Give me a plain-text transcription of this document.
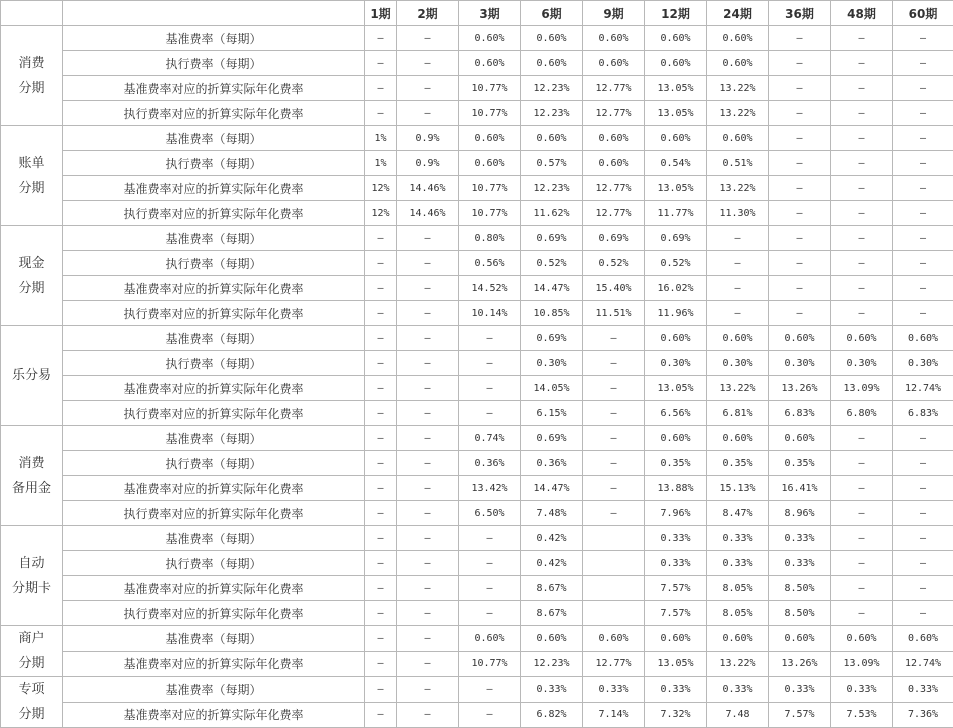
		1期	2期	3期	6期	9期	12期	24期	36期	48期	60期

消费
分期	基准费率（每期）	–	–	0.60%	0.60%	0.60%	0.60%	0.60%	–	–	–
	执行费率（每期）	–	–	0.60%	0.60%	0.60%	0.60%	0.60%	–	–	–
	基准费率对应的折算实际年化费率	–	–	10.77%	12.23%	12.77%	13.05%	13.22%	–	–	–
	执行费率对应的折算实际年化费率	–	–	10.77%	12.23%	12.77%	13.05%	13.22%	–	–	–

账单
分期	基准费率（每期）	1%	0.9%	0.60%	0.60%	0.60%	0.60%	0.60%	–	–	–
	执行费率（每期）	1%	0.9%	0.60%	0.57%	0.60%	0.54%	0.51%	–	–	–
	基准费率对应的折算实际年化费率	12%	14.46%	10.77%	12.23%	12.77%	13.05%	13.22%	–	–	–
	执行费率对应的折算实际年化费率	12%	14.46%	10.77%	11.62%	12.77%	11.77%	11.30%	–	–	–

现金
分期	基准费率（每期）	–	–	0.80%	0.69%	0.69%	0.69%	–	–	–	–
	执行费率（每期）	–	–	0.56%	0.52%	0.52%	0.52%	–	–	–	–
	基准费率对应的折算实际年化费率	–	–	14.52%	14.47%	15.40%	16.02%	–	–	–	–
	执行费率对应的折算实际年化费率	–	–	10.14%	10.85%	11.51%	11.96%	–	–	–	–

乐分易	基准费率（每期）	–	–	–	0.69%	–	0.60%	0.60%	0.60%	0.60%	0.60%
	执行费率（每期）	–	–	–	0.30%	–	0.30%	0.30%	0.30%	0.30%	0.30%
	基准费率对应的折算实际年化费率	–	–	–	14.05%	–	13.05%	13.22%	13.26%	13.09%	12.74%
	执行费率对应的折算实际年化费率	–	–	–	6.15%	–	6.56%	6.81%	6.83%	6.80%	6.83%

消费
备用金	基准费率（每期）	–	–	0.74%	0.69%	–	0.60%	0.60%	0.60%	–	–
	执行费率（每期）	–	–	0.36%	0.36%	–	0.35%	0.35%	0.35%	–	–
	基准费率对应的折算实际年化费率	–	–	13.42%	14.47%	–	13.88%	15.13%	16.41%	–	–
	执行费率对应的折算实际年化费率	–	–	6.50%	7.48%	–	7.96%	8.47%	8.96%	–	–

自动
分期卡	基准费率（每期）	–	–	–	0.42%		0.33%	0.33%	0.33%	–	–
	执行费率（每期）	–	–	–	0.42%		0.33%	0.33%	0.33%	–	–
	基准费率对应的折算实际年化费率	–	–	–	8.67%		7.57%	8.05%	8.50%	–	–
	执行费率对应的折算实际年化费率	–	–	–	8.67%		7.57%	8.05%	8.50%	–	–

商户
分期	基准费率（每期）	–	–	0.60%	0.60%	0.60%	0.60%	0.60%	0.60%	0.60%	0.60%
	基准费率对应的折算实际年化费率	–	–	10.77%	12.23%	12.77%	13.05%	13.22%	13.26%	13.09%	12.74%

专项
分期	基准费率（每期）	–	–	–	0.33%	0.33%	0.33%	0.33%	0.33%	0.33%	0.33%
	基准费率对应的折算实际年化费率	–	–	–	6.82%	7.14%	7.32%	7.48	7.57%	7.53%	7.36%
